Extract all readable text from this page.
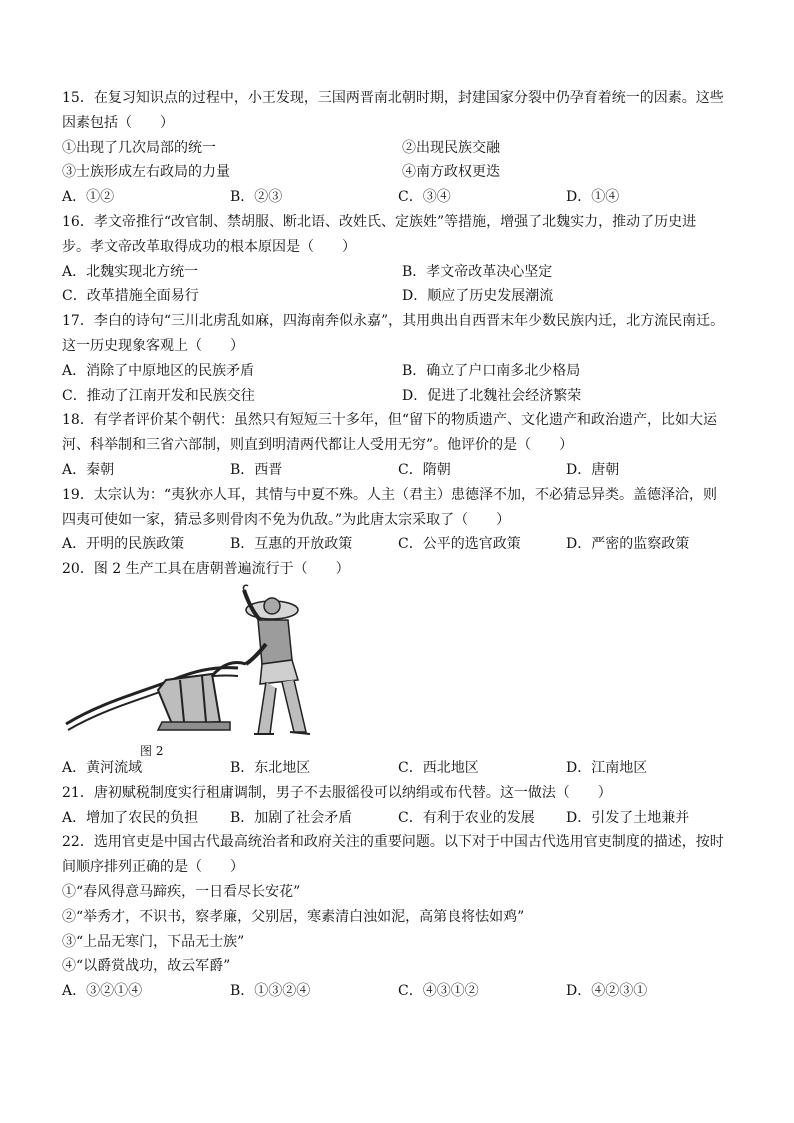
15．在复习知识点的过程中，小王发现，三国两晋南北朝时期，封建国家分裂中仍孕育着统一的因素。这些
因素包括（　　）
①出现了几次局部的统一	②出现民族交融
③士族形成左右政局的力量	④南方政权更迭
A．①②	B．②③	C．③④	D．①④
16．孝文帝推行“改官制、禁胡服、断北语、改姓氏、定族姓”等措施，增强了北魏实力，推动了历史进
步。孝文帝改革取得成功的根本原因是（　　）
A．北魏实现北方统一	B．孝文帝改革决心坚定
C．改革措施全面易行	D．顺应了历史发展潮流
17．李白的诗句“三川北虏乱如麻，四海南奔似永嘉”，其用典出自西晋末年少数民族内迁，北方流民南迁。
这一历史现象客观上（　　）
A．消除了中原地区的民族矛盾	B．确立了户口南多北少格局
C．推动了江南开发和民族交往	D．促进了北魏社会经济繁荣
18．有学者评价某个朝代：虽然只有短短三十多年，但“留下的物质遗产、文化遗产和政治遗产，比如大运
河、科举制和三省六部制，则直到明清两代都让人受用无穷”。他评价的是（　　）
A．秦朝	B．西晋	C．隋朝	D．唐朝
19．太宗认为：“夷狄亦人耳，其情与中夏不殊。人主（君主）患德泽不加，不必猜忌异类。盖德泽洽，则
四夷可使如一家，猜忌多则骨肉不免为仇敌。”为此唐太宗采取了（　　）
A．开明的民族政策	B．互惠的开放政策	C．公平的选官政策	D．严密的监察政策
20．图 2 生产工具在唐朝普遍流行于（　　）
图 2
A．黄河流域	B．东北地区	C．西北地区	D．江南地区
21．唐初赋税制度实行租庸调制，男子不去服徭役可以纳绢或布代替。这一做法（　　）
A．增加了农民的负担	B．加剧了社会矛盾	C．有利于农业的发展	D．引发了土地兼并
22．选用官吏是中国古代最高统治者和政府关注的重要问题。以下对于中国古代选用官吏制度的描述，按时
间顺序排列正确的是（　　）
①“春风得意马蹄疾，一日看尽长安花”
②“举秀才，不识书，察孝廉，父别居，寒素清白浊如泥，高第良将怯如鸡”
③“上品无寒门，下品无士族”
④“以爵赏战功，故云军爵”
A．③②①④	B．①③②④	C．④③①②	D．④②③①
